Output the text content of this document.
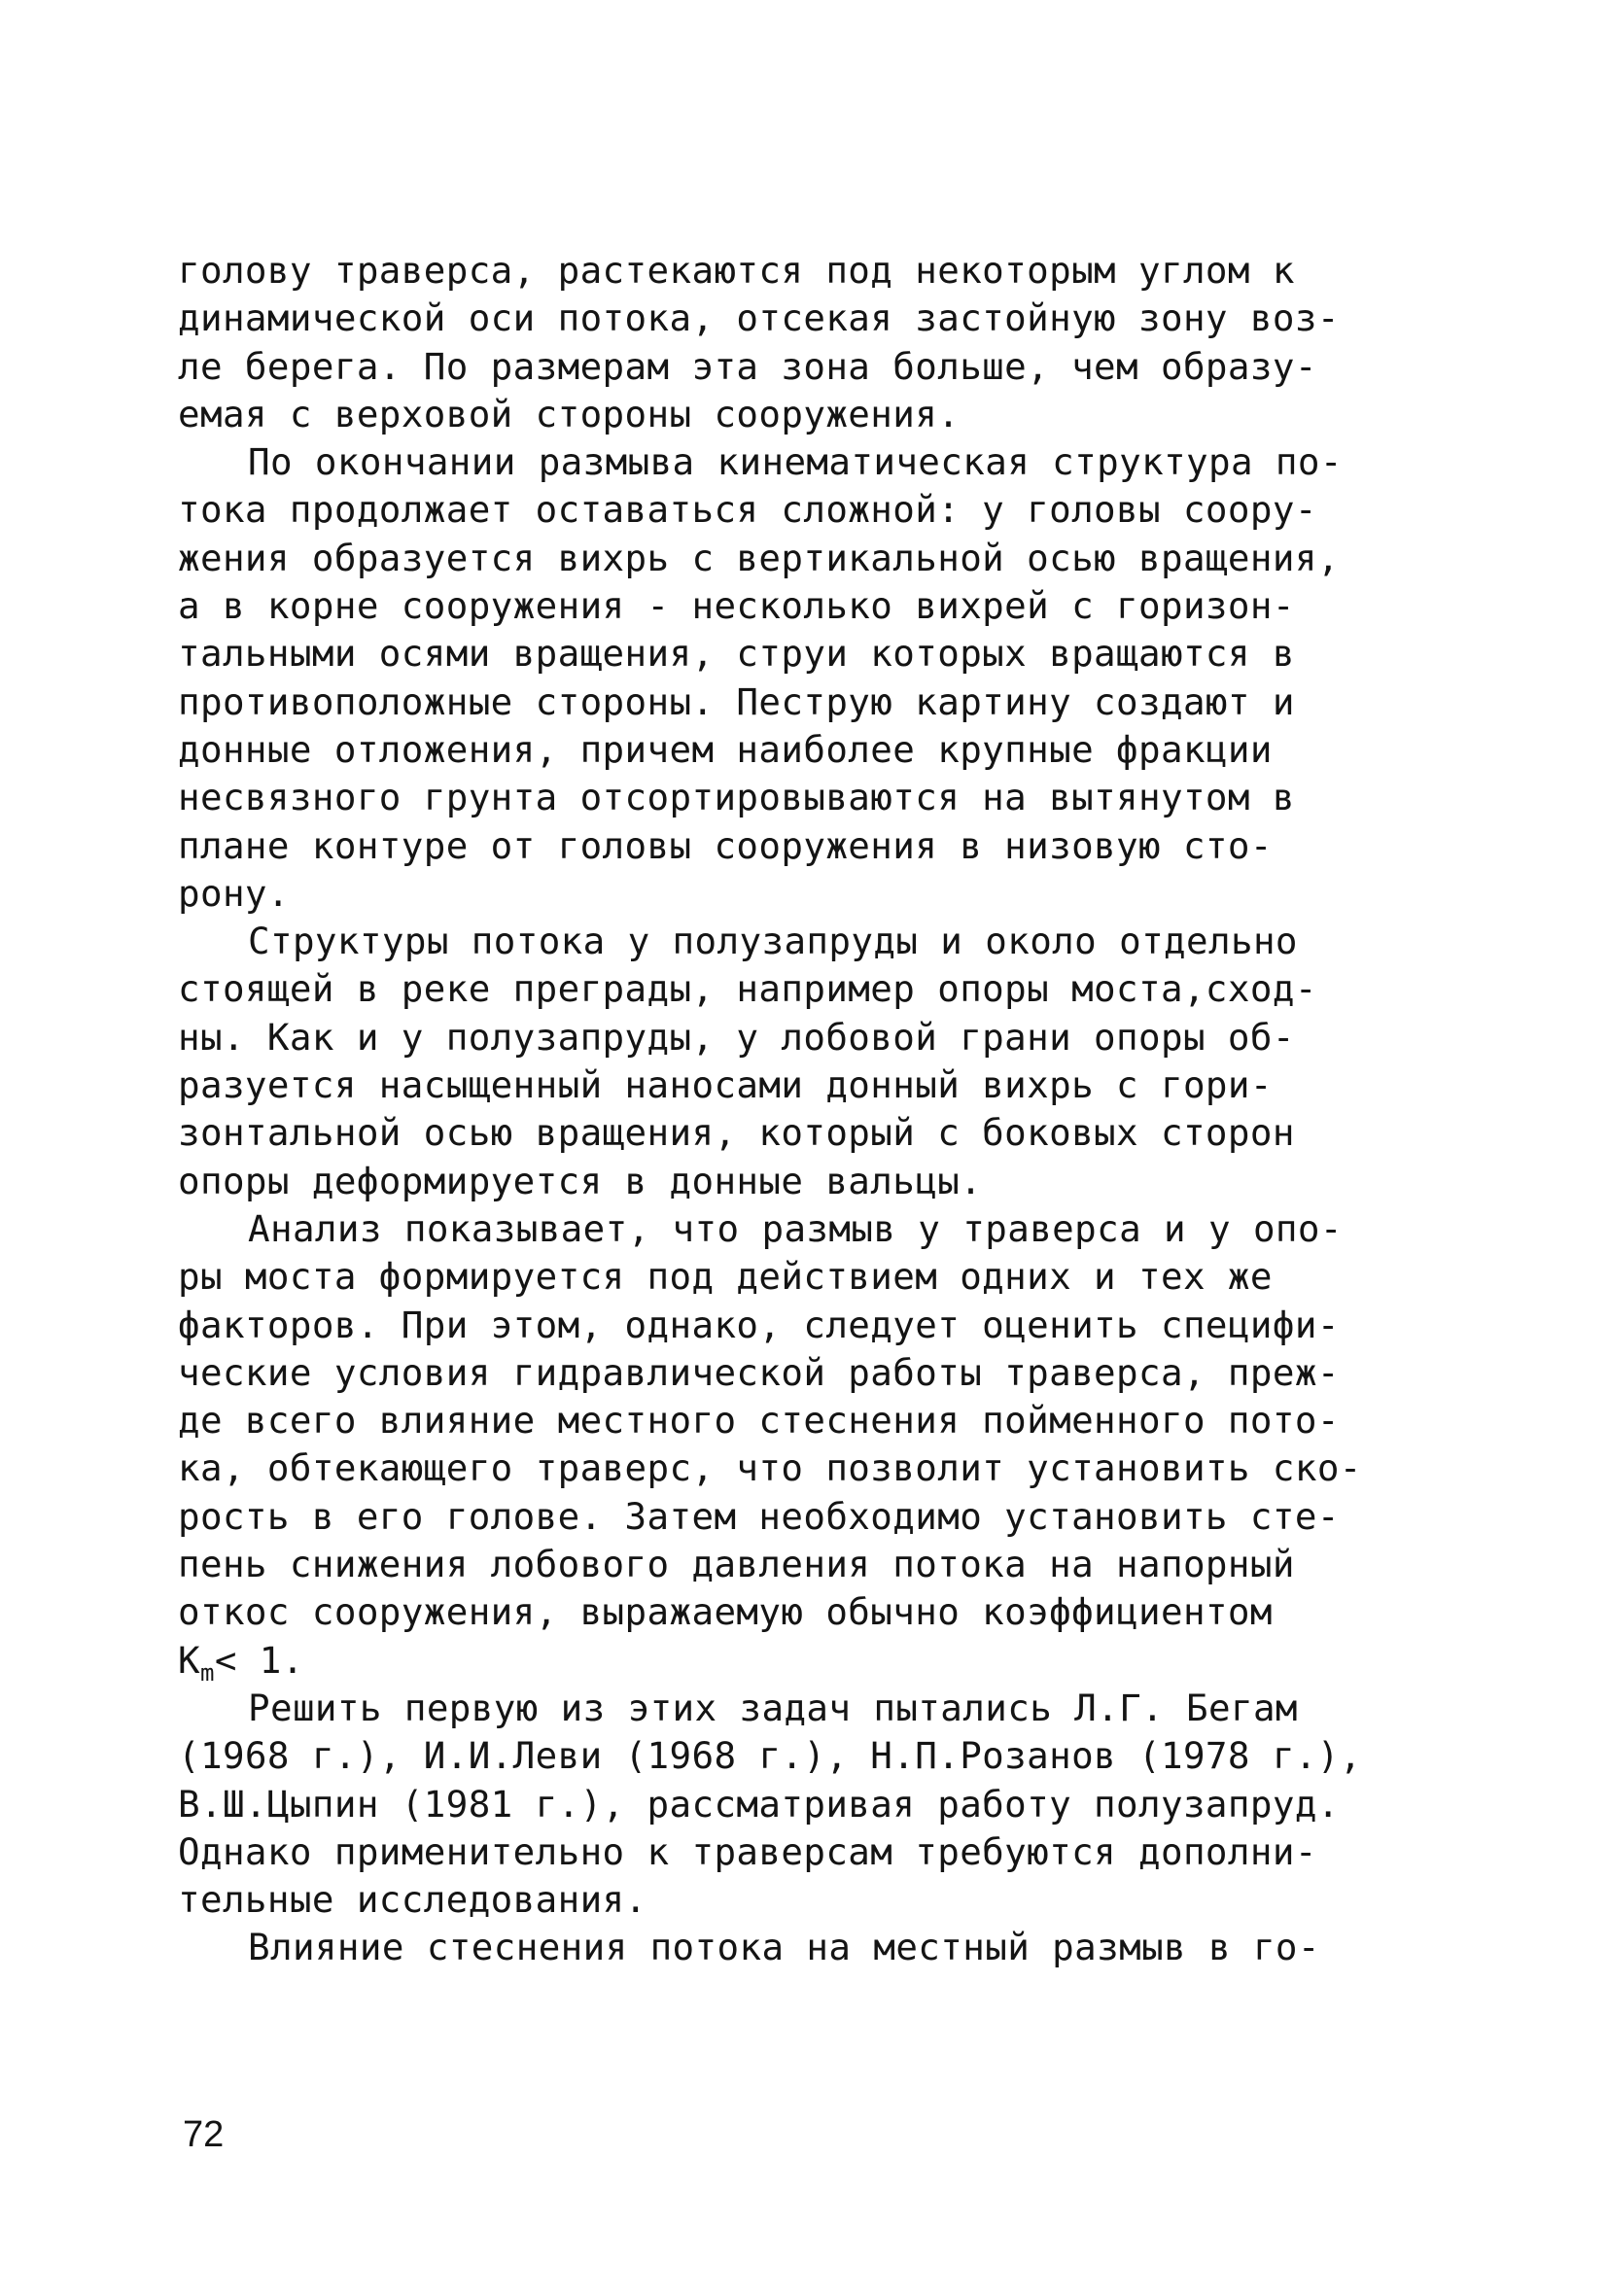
голову траверса, растекаются под некоторым углом к
динамической оси потока, отсекая застойную зону воз-
ле берега. По размерам эта зона больше, чем образу-
емая с верховой стороны сооружения.
По окончании размыва кинематическая структура по-
тока продолжает оставаться сложной: у головы соору-
жения образуется вихрь с вертикальной осью вращения,
а в корне сооружения - несколько вихрей с горизон-
тальными осями вращения, струи которых вращаются в
противоположные стороны. Пеструю картину создают и
донные отложения, причем наиболее крупные фракции
несвязного грунта отсортировываются на вытянутом в
плане контуре от головы сооружения в низовую сто-
рону.
Структуры потока у полузапруды и около отдельно
стоящей в реке преграды, например опоры моста,сход-
ны. Как и у полузапруды, у лобовой грани опоры об-
разуется насыщенный наносами донный вихрь с гори-
зонтальной осью вращения, который с боковых сторон
опоры деформируется в донные вальцы.
Анализ показывает, что размыв у траверса и у опо-
ры моста формируется под действием одних и тех же
факторов. При этом, однако, следует оценить специфи-
ческие условия гидравлической работы траверса, преж-
де всего влияние местного стеснения пойменного пото-
ка, обтекающего траверс, что позволит установить ско-
рость в его голове. Затем необходимо установить сте-
пень снижения лобового давления потока на напорный
откос сооружения, выражаемую обычно коэффициентом
$K_m< 1$.
Решить первую из этих задач пытались Л.Г. Бегам
(1968 г.), И.И.Леви (1968 г.), Н.П.Розанов (1978 г.),
В.Ш.Цыпин (1981 г.), рассматривая работу полузапруд.
Однако применительно к траверсам требуются дополни-
тельные исследования.
Влияние стеснения потока на местный размыв в го-
72
